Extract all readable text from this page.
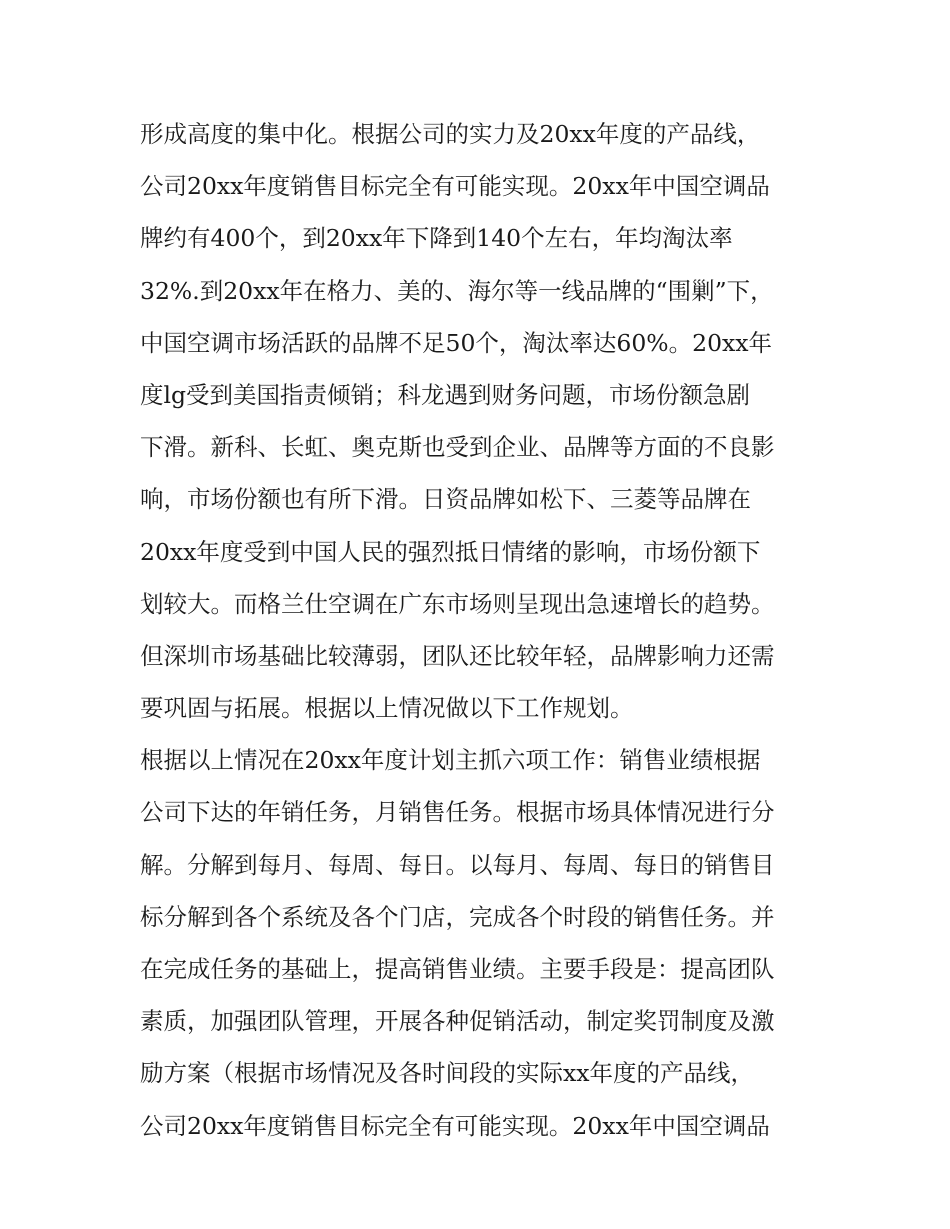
形成高度的集中化。根据公司的实力及20xx年度的产品线，
公司20xx年度销售目标完全有可能实现。20xx年中国空调品
牌约有400个，到20xx年下降到140个左右，年均淘汰率
32%.到20xx年在格力、美的、海尔等一线品牌的“围剿”下，
中国空调市场活跃的品牌不足50个，淘汰率达60%。20xx年
度lg受到美国指责倾销；科龙遇到财务问题，市场份额急剧
下滑。新科、长虹、奥克斯也受到企业、品牌等方面的不良影
响，市场份额也有所下滑。日资品牌如松下、三菱等品牌在
20xx年度受到中国人民的强烈抵日情绪的影响，市场份额下
划较大。而格兰仕空调在广东市场则呈现出急速增长的趋势。
但深圳市场基础比较薄弱，团队还比较年轻，品牌影响力还需
要巩固与拓展。根据以上情况做以下工作规划。
根据以上情况在20xx年度计划主抓六项工作：销售业绩根据
公司下达的年销任务，月销售任务。根据市场具体情况进行分
解。分解到每月、每周、每日。以每月、每周、每日的销售目
标分解到各个系统及各个门店，完成各个时段的销售任务。并
在完成任务的基础上，提高销售业绩。主要手段是：提高团队
素质，加强团队管理，开展各种促销活动，制定奖罚制度及激
励方案（根据市场情况及各时间段的实际xx年度的产品线，
公司20xx年度销售目标完全有可能实现。20xx年中国空调品
